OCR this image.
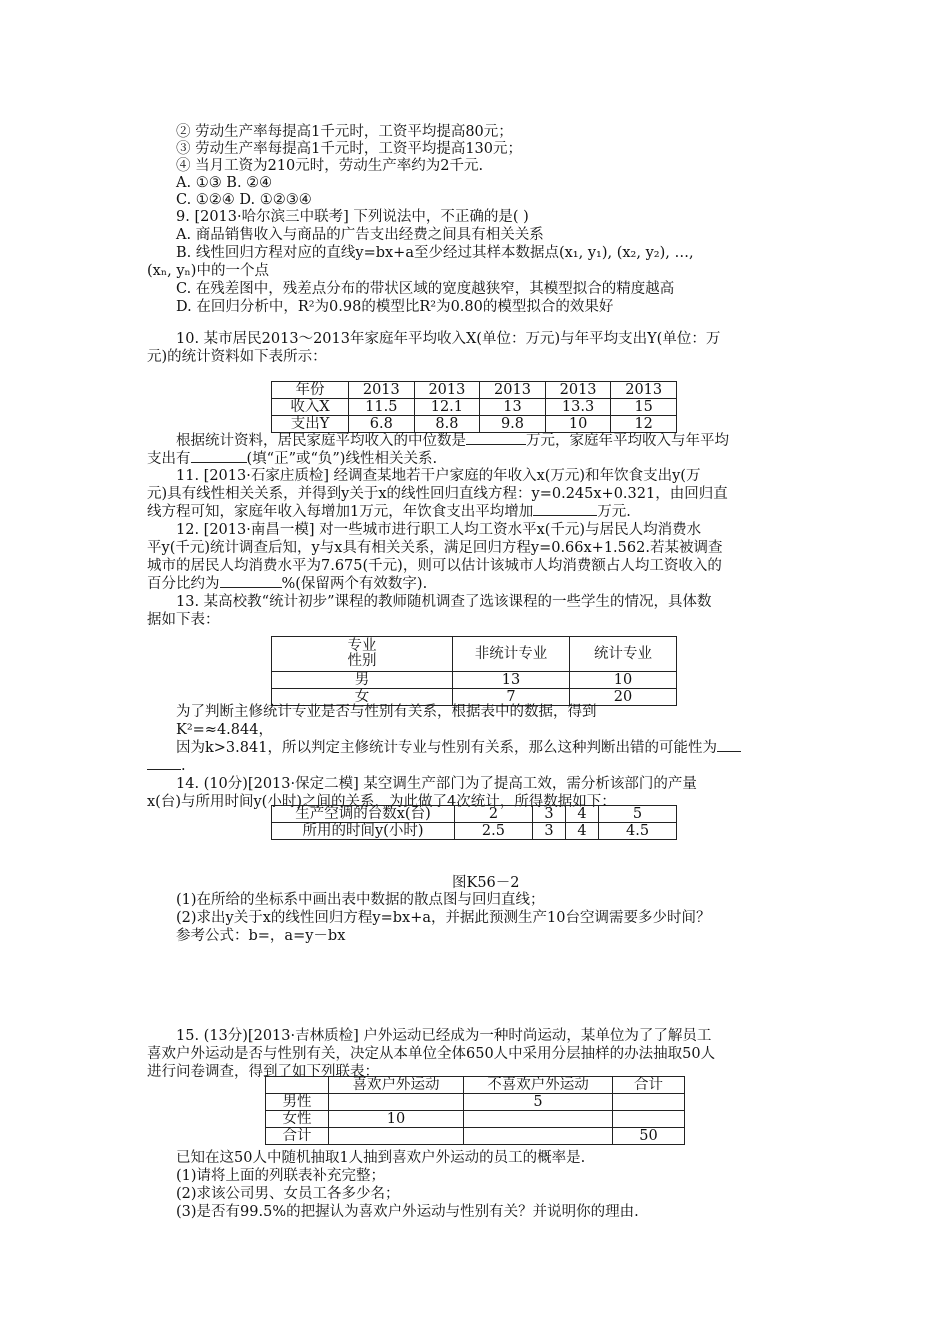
② 劳动生产率每提高1千元时，工资平均提高80元；
③ 劳动生产率每提高1千元时，工资平均提高130元；
④ 当月工资为210元时，劳动生产率约为2千元.
A. ①③ B. ②④
C. ①②④ D. ①②③④
9. [2013·哈尔滨三中联考] 下列说法中，不正确的是( )
A. 商品销售收入与商品的广告支出经费之间具有相关关系
B. 线性回归方程对应的直线y=bx+a至少经过其样本数据点(x₁, y₁), (x₂, y₂), …,
(xₙ, yₙ)中的一个点
C. 在残差图中，残差点分布的带状区域的宽度越狭窄，其模型拟合的精度越高
D. 在回归分析中，R²为0.98的模型比R²为0.80的模型拟合的效果好
10. 某市居民2013～2013年家庭年平均收入X(单位：万元)与年平均支出Y(单位：万
元)的统计资料如下表所示：
年份	2013	2013	2013	2013	2013
收入X	11.5	12.1	13	13.3	15
支出Y	6.8	8.8	9.8	10	12
根据统计资料，居民家庭平均收入的中位数是	万元，家庭年平均收入与年平均
支出有	(填“正”或“负”)线性相关关系.
11. [2013·石家庄质检] 经调查某地若干户家庭的年收入x(万元)和年饮食支出y(万
元)具有线性相关关系，并得到y关于x的线性回归直线方程：y=0.245x+0.321，由回归直
线方程可知，家庭年收入每增加1万元，年饮食支出平均增加	万元.
12. [2013·南昌一模] 对一些城市进行职工人均工资水平x(千元)与居民人均消费水
平y(千元)统计调查后知，y与x具有相关关系，满足回归方程y=0.66x+1.562.若某被调查
城市的居民人均消费水平为7.675(千元)，则可以估计该城市人均消费额占人均工资收入的
百分比约为	%(保留两个有效数字).
13. 某高校教“统计初步”课程的教师随机调查了选该课程的一些学生的情况，具体数
据如下表：
专业
性别	非统计专业	统计专业
男	13	10
女	7	20
为了判断主修统计专业是否与性别有关系，根据表中的数据，得到
K²=≈4.844，
因为k>3.841，所以判定主修统计专业与性别有关系，那么这种判断出错的可能性为
.
14. (10分)[2013·保定二模] 某空调生产部门为了提高工效，需分析该部门的产量
x(台)与所用时间y(小时)之间的关系，为此做了4次统计，所得数据如下：
生产空调的台数x(台)	2	3	4	5
所用的时间y(小时)	2.5	3	4	4.5
图K56－2
(1)在所给的坐标系中画出表中数据的散点图与回归直线；
(2)求出y关于x的线性回归方程y=bx+a，并据此预测生产10台空调需要多少时间？
参考公式：b=，a=y－bx
15. (13分)[2013·吉林质检] 户外运动已经成为一种时尚运动，某单位为了了解员工
喜欢户外运动是否与性别有关，决定从本单位全体650人中采用分层抽样的办法抽取50人
进行问卷调查，得到了如下列联表：
	喜欢户外运动	不喜欢户外运动	合计
男性		5	
女性	10		
合计			50
已知在这50人中随机抽取1人抽到喜欢户外运动的员工的概率是.
(1)请将上面的列联表补充完整；
(2)求该公司男、女员工各多少名；
(3)是否有99.5%的把握认为喜欢户外运动与性别有关？并说明你的理由.
